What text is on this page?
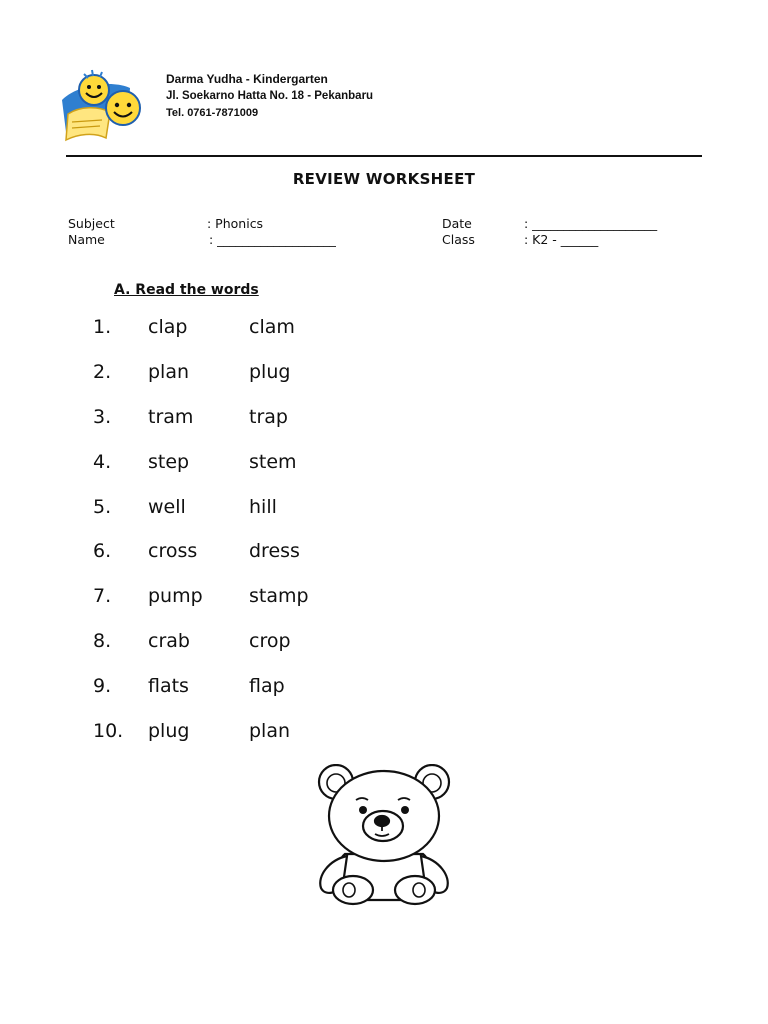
Darma Yudha - Kindergarten
Jl. Soekarno Hatta No. 18 - Pekanbaru
Tel. 0761-7871009
REVIEW WORKSHEET
Subject	: Phonics
Name	: ___________________
Date	: ____________________
Class	: K2 - ______
A. Read the words
1. clap	clam
2. plan	plug
3. tram	trap
4. step	stem
5. well	hill
6. cross	dress
7. pump stamp
8. crab	crop
9. flats	flap
10. plug	plan
